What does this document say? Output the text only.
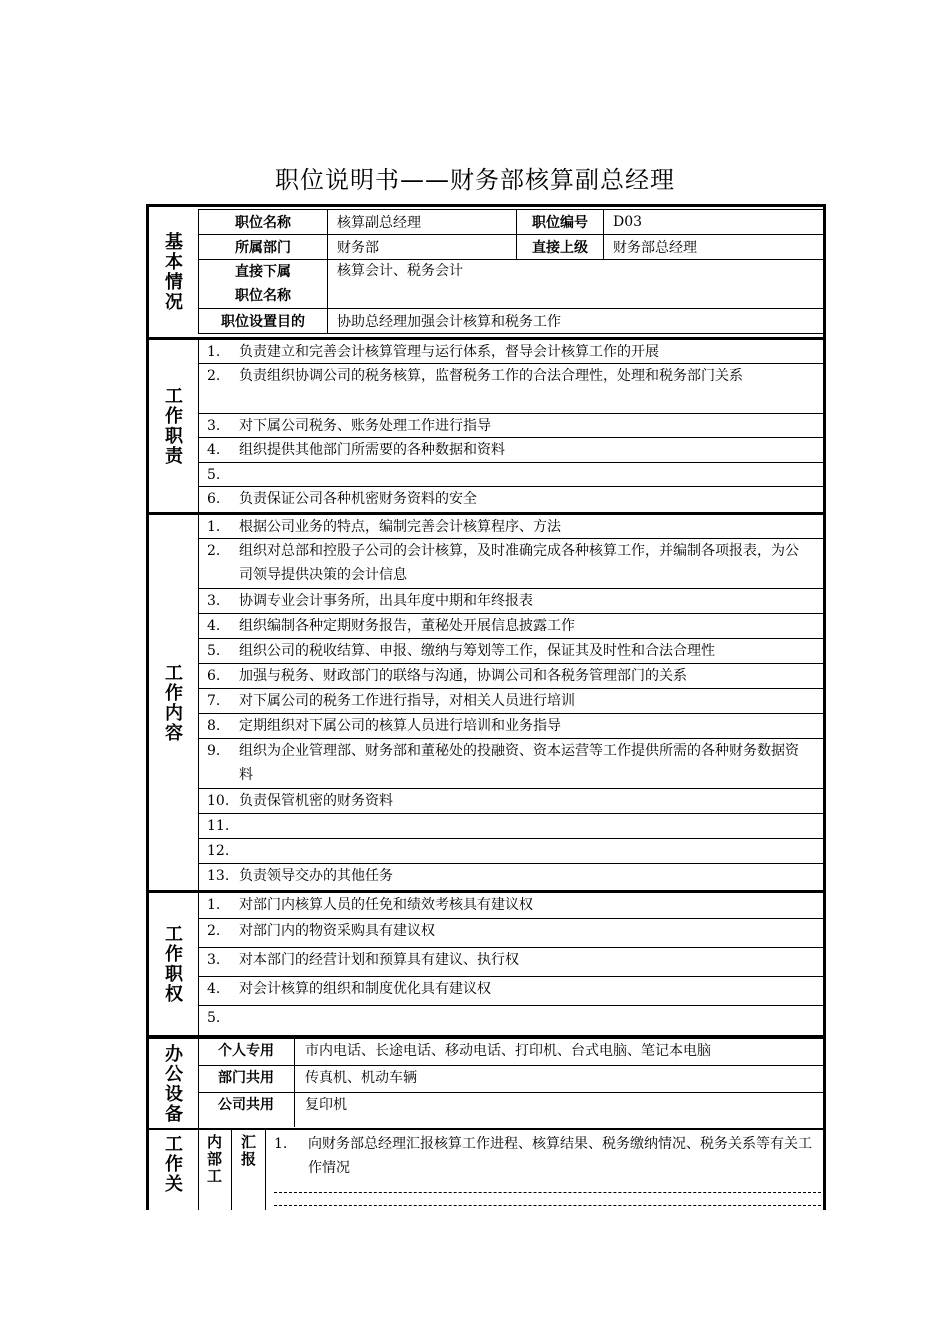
职位说明书——财务部核算副总经理
基本情况
职位名称	核算副总经理	职位编号	D03
所属部门	财务部	直接上级	财务部总经理

直接下属
职位名称	核算会计、税务会计		
职位设置目的	协助总经理加强会计核算和税务工作		
工作职责
1. 负责建立和完善会计核算管理与运行体系，督导会计核算工作的开展
2. 负责组织协调公司的税务核算，监督税务工作的合法合理性，处理和税务部门关系
3. 对下属公司税务、账务处理工作进行指导
4. 组织提供其他部门所需要的各种数据和资料
5.
6. 负责保证公司各种机密财务资料的安全
工作内容
1. 根据公司业务的特点，编制完善会计核算程序、方法
2. 组织对总部和控股子公司的会计核算，及时准确完成各种核算工作，并编制各项报表，为公司领导提供决策的会计信息
3. 协调专业会计事务所，出具年度中期和年终报表
4. 组织编制各种定期财务报告，董秘处开展信息披露工作
5. 组织公司的税收结算、申报、缴纳与筹划等工作，保证其及时性和合法合理性
6. 加强与税务、财政部门的联络与沟通，协调公司和各税务管理部门的关系
7. 对下属公司的税务工作进行指导，对相关人员进行培训
8. 定期组织对下属公司的核算人员进行培训和业务指导
9. 组织为企业管理部、财务部和董秘处的投融资、资本运营等工作提供所需的各种财务数据资料
10. 负责保管机密的财务资料
11.
12.
13. 负责领导交办的其他任务
工作职权
1. 对部门内核算人员的任免和绩效考核具有建议权
2. 对部门内的物资采购具有建议权
3. 对本部门的经营计划和预算具有建议、执行权
4. 对会计核算的组织和制度优化具有建议权
5.
办公设备	个人专用 市内电话、长途电话、移动电话、打印机、台式电脑、笔记本电脑
部门共用 传真机、机动车辆
公司共用 复印机
工作关 内部工 汇报 1. 向财务部总经理汇报核算工作进程、核算结果、税务缴纳情况、税务关系等有关工作情况
